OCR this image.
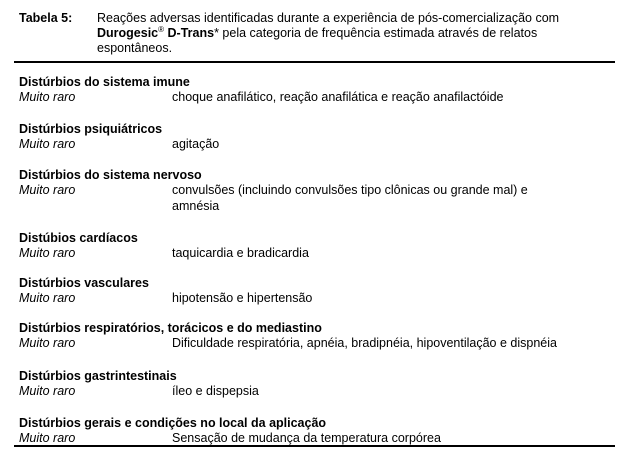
Tabela 5: Reações adversas identificadas durante a experiência de pós-comercialização com
Durogesic® D-Trans* pela categoria de frequência estimada através de relatos
espontâneos.
Distúrbios do sistema imune
Muito raro	choque anafilático, reação anafilática e reação anafilactóide
Distúrbios psiquiátricos
Muito raro	agitação
Distúrbios do sistema nervoso
Muito raro	convulsões (incluindo convulsões tipo clônicas ou grande mal) e
amnésia
Distúbios cardíacos
Muito raro	taquicardia e bradicardia
Distúrbios vasculares
Muito raro	hipotensão e hipertensão
Distúrbios respiratórios, torácicos e do mediastino
Muito raro	Dificuldade respiratória, apnéia, bradipnéia, hipoventilação e dispnéia
Distúrbios gastrintestinais
Muito raro	íleo e dispepsia
Distúrbios gerais e condições no local da aplicação
Muito raro	Sensação de mudança da temperatura corpórea
